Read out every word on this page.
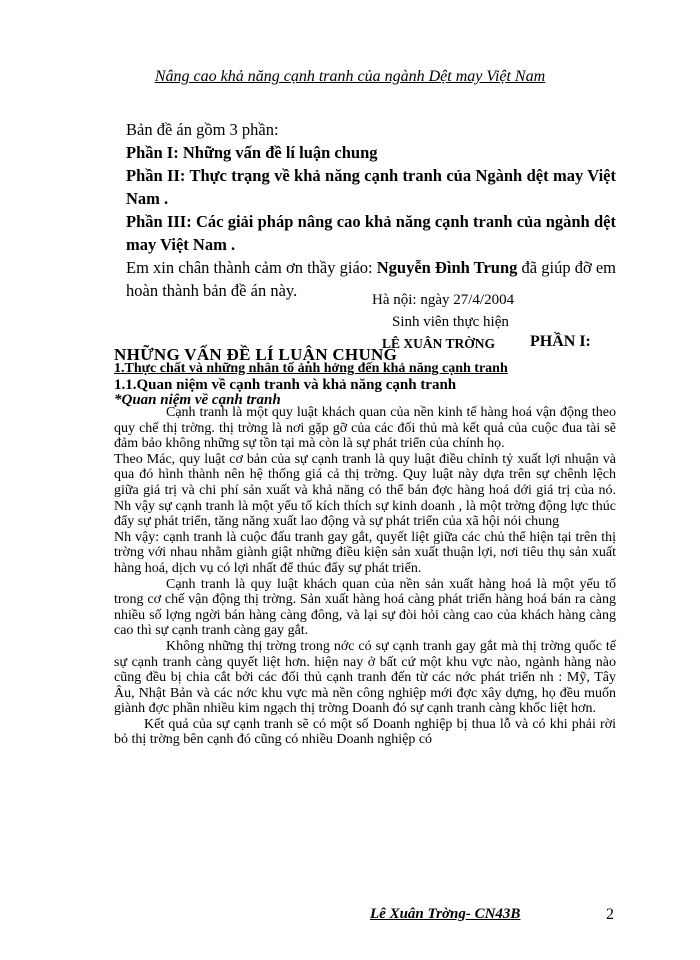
Nâng cao khả năng cạnh tranh của ngành Dệt may Việt Nam
Bản đề án gồm 3 phần:
Phần I: Những vấn đề lí luận chung
Phần II: Thực trạng về khả năng cạnh tranh của Ngành dệt may Việt Nam .
Phần III: Các giải pháp nâng cao khả năng cạnh tranh của ngành dệt may Việt Nam .
Em xin chân thành cảm ơn thầy giáo: Nguyễn Đình Trung đã giúp đỡ em hoàn thành bản đề án này.	Hà nội: ngày 27/4/2004
Sinh viên thực hiện
LÊ XUÂN TRỜNG PHẦN I:
NHỮNG VẤN ĐỀ LÍ LUẬN CHUNG
1.Thực chất và những nhân tố ảnh hởng đến khả năng cạnh tranh
1.1.Quan niệm về cạnh tranh và khả năng cạnh tranh
*Quan niệm về cạnh tranh

Cạnh tranh là một quy luật khách quan của nền kinh tế hàng hoá vận động theo quy chế thị trờng. thị trờng là nơi gặp gỡ của các đối thủ mà kết quả của cuộc đua tài sẽ đảm bảo không những sự tồn tại mà còn là sự phát triển của chính họ.

Theo Mác, quy luật cơ bản của sự cạnh tranh là quy luật điều chỉnh tỷ xuất lợi nhuận và qua đó hình thành nên hệ thống giá cả thị trờng. Quy luật này dựa trên sự chênh lệch giữa giá trị và chi phí sản xuất và khả năng có thể bán đợc hàng hoá dới giá trị của nó. Nh vậy sự cạnh tranh là một yếu tố kích thích sự kinh doanh , là một trờng động lực thúc đẩy sự phát triển, tăng năng xuất lao động và sự phát triển của xã hội nói chung

Nh vậy: cạnh tranh là cuộc đấu tranh gay gắt, quyết liệt giữa các chủ thể hiện tại trên thị trờng với nhau nhằm giành giật những điều kiện sản xuất thuận lợi, nơi tiêu thụ sản xuất hàng hoá, dịch vụ có lợi nhất để thúc đẩy sự phát triển.

Cạnh tranh là quy luật khách quan của nền sản xuất hàng hoá là một yếu tố trong cơ chế vận động thị trờng. Sản xuất hàng hoá càng phát triển hàng hoá bán ra càng nhiều số lợng ngời bán hàng càng đông, và lại sự đòi hỏi càng cao của khách hàng càng cao thì sự cạnh tranh càng gay gắt.

Không những thị trờng trong nớc có sự cạnh tranh gay gắt mà thị trờng quốc tế sự cạnh tranh càng quyết liệt hơn. hiện nay ở bất cứ một khu vực nào, ngành hàng nào cũng đều bị chia cắt bởi các đối thủ cạnh tranh đến từ các nớc phát triển nh : Mỹ, Tây Âu, Nhật Bản và các nớc khu vực mà nền công nghiệp mới đợc xây dựng, họ đều muốn giành đợc phần nhiều kim ngạch thị trờng Doanh đó sự cạnh tranh càng khốc liệt hơn.

Kết quả của sự cạnh tranh sẽ có một số Doanh nghiệp bị thua lỗ và có khi phải rời bỏ thị trờng bên cạnh đó cũng có nhiều Doanh nghiệp có

Lê Xuân Trờng- CN43B	2
